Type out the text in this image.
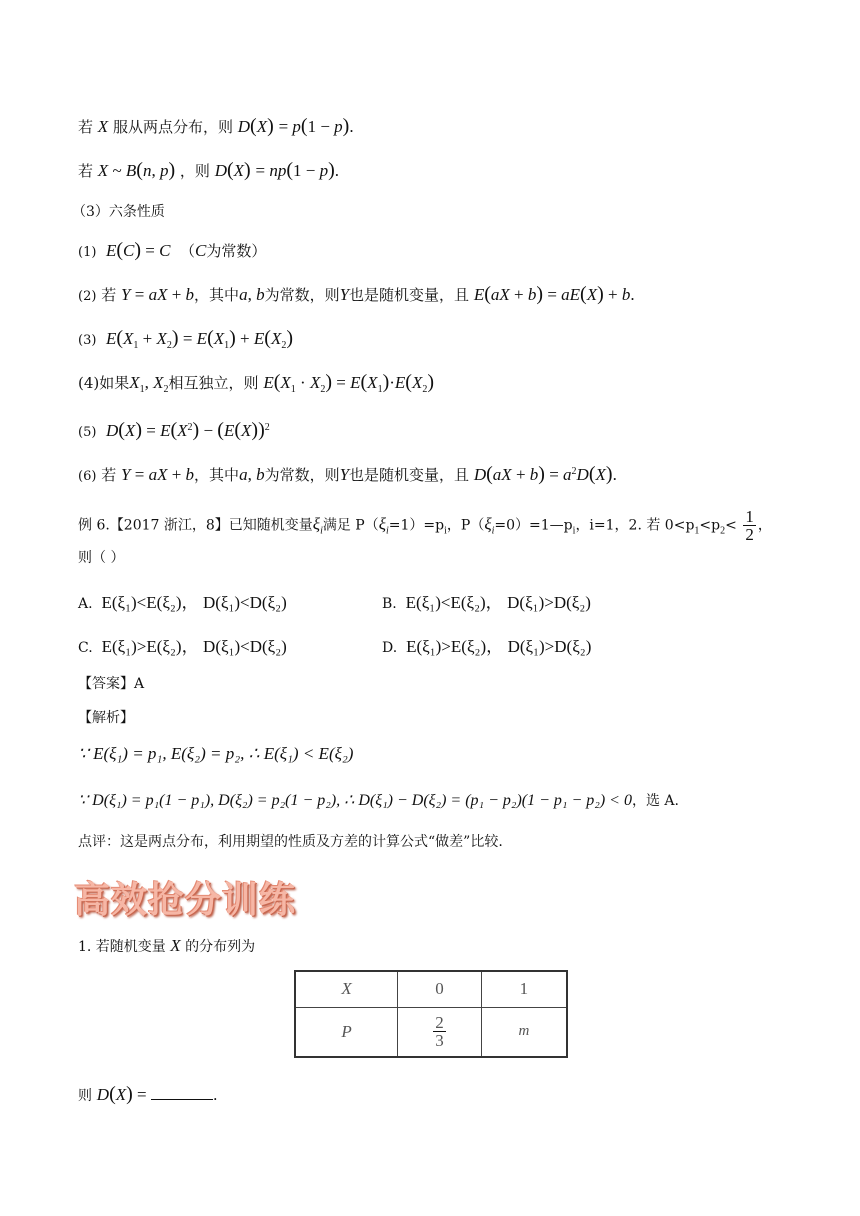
若 X 服从两点分布，则 D(X) = p(1 − p).
若 X ~ B(n, p) ，则 D(X) = np(1 − p).
（3）六条性质
(1) E(C) = C  （C为常数）
(2) 若 Y = aX + b，其中a, b为常数，则Y也是随机变量，且 E(aX + b) = aE(X) + b.
(3) $E(X_1 + X_2) = E(X_1) + E(X_2)$
(4)如果$X_1$, $X_2$相互独立，则 $E(X_1 \cdot X_2) = E(X_1)\cdot E(X_2)$
(5) $D(X) = E(X^2) - (E(X))^2$
(6) 若 Y = aX + b，其中a, b为常数，则Y也是随机变量，且 $D(aX + b) = a^2D(X)$.
例 6.【2017 浙江，8】已知随机变量$\xi_i$满足 $P(\xi_i=1)=p_i$，$P(\xi_i=0)=1—p_i$，i=1，2. 若 $0<p_1<p_2< \frac{1}{2}$ ，
则（ ）
A. E(ξ₁)<E(ξ₂)， D(ξ₁)<D(ξ₂)	B. E(ξ₁)<E(ξ₂)， D(ξ₁)>D(ξ₂)
C. E(ξ₁)>E(ξ₂)， D(ξ₁)<D(ξ₂)	D. E(ξ₁)>E(ξ₂)， D(ξ₁)>D(ξ₂)
【答案】A
【解析】
∵ E(ξ₁) = p₁, E(ξ₂) = p₂, ∴ E(ξ₁) < E(ξ₂)
∵ D(ξ₁) = p₁(1 − p₁), D(ξ₂) = p₂(1 − p₂), ∴ D(ξ₁) − D(ξ₂) = (p₁ − p₂)(1 − p₁ − p₂) < 0，选 A.
点评：这是两点分布，利用期望的性质及方差的计算公式“做差”比较.
高效抢分训练
1. 若随机变量 X 的分布列为
X	0	1
P	$\frac{2}{3}$	m
则 D(X) =	.
